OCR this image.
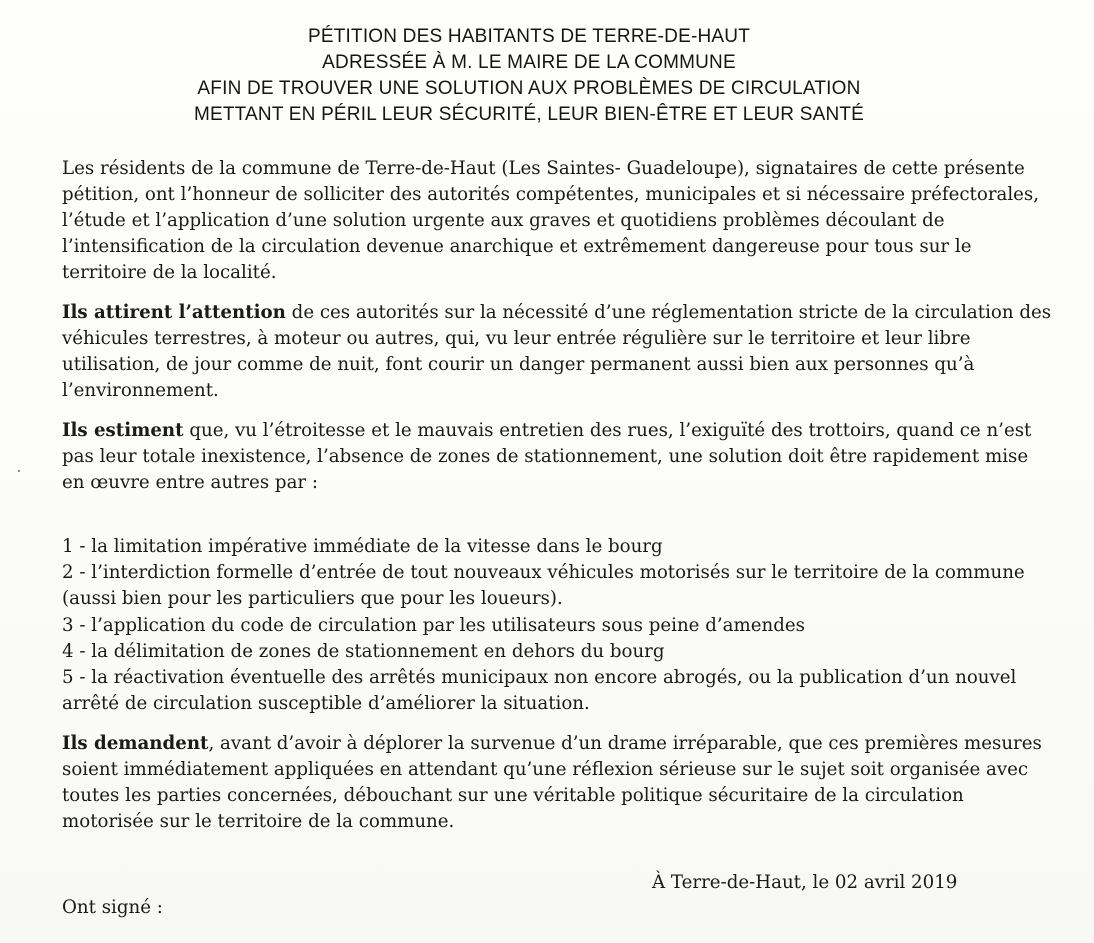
PÉTITION DES HABITANTS DE TERRE-DE-HAUT
ADRESSÉE À M. LE MAIRE DE LA COMMUNE
AFIN DE TROUVER UNE SOLUTION AUX PROBLÈMES DE CIRCULATION
METTANT EN PÉRIL LEUR SÉCURITÉ, LEUR BIEN-ÊTRE ET LEUR SANTÉ

Les résidents de la commune de Terre-de-Haut (Les Saintes- Guadeloupe), signataires de cette présente pétition, ont l’honneur de solliciter des autorités compétentes, municipales et si nécessaire préfectorales, l’étude et l’application d’une solution urgente aux graves et quotidiens problèmes découlant de l’intensification de la circulation devenue anarchique et extrêmement dangereuse pour tous sur le territoire de la localité.

Ils attirent l’attention de ces autorités sur la nécessité d’une réglementation stricte de la circulation des véhicules terrestres, à moteur ou autres, qui, vu leur entrée régulière sur le territoire et leur libre utilisation, de jour comme de nuit, font courir un danger permanent aussi bien aux personnes qu’à l’environnement.

Ils estiment que, vu l’étroitesse et le mauvais entretien des rues, l’exiguïté des trottoirs, quand ce n’est pas leur totale inexistence, l’absence de zones de stationnement, une solution doit être rapidement mise en œuvre entre autres par :

1 - la limitation impérative immédiate de la vitesse dans le bourg
2 - l’interdiction formelle d’entrée de tout nouveaux véhicules motorisés sur le territoire de la commune (aussi bien pour les particuliers que pour les loueurs).
3 - l’application du code de circulation par les utilisateurs sous peine d’amendes
4 - la délimitation de zones de stationnement en dehors du bourg
5 - la réactivation éventuelle des arrêtés municipaux non encore abrogés, ou la publication d’un nouvel arrêté de circulation susceptible d’améliorer la situation.

Ils demandent, avant d’avoir à déplorer la survenue d’un drame irréparable, que ces premières mesures soient immédiatement appliquées en attendant qu’une réflexion sérieuse sur le sujet soit organisée avec toutes les parties concernées, débouchant sur une véritable politique sécuritaire de la circulation motorisée sur le territoire de la commune.

À Terre-de-Haut, le 02 avril 2019
Ont signé :
